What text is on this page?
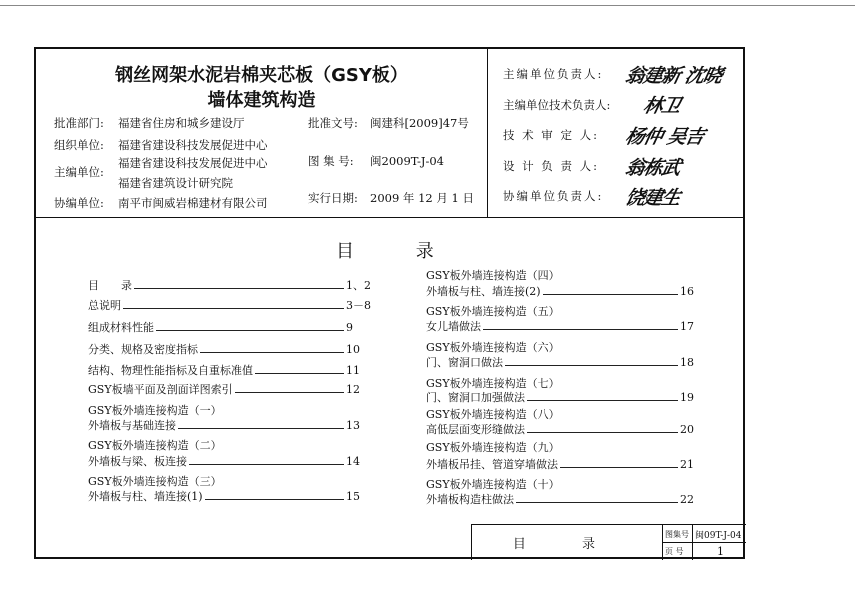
钢丝网架水泥岩棉夹芯板（GSY板）
墙体建筑构造
批准部门: 福建省住房和城乡建设厅	批准文号: 闽建科[2009]47号
组织单位: 福建省建设科技发展促进中心
主编单位:
福建省建设科技发展促进中心
福建省建筑设计研究院
图 集 号: 闽2009T-J-04
协编单位: 南平市闽威岩棉建材有限公司	实行日期: 2009 年 12 月 1 日
主编单位负责人: 翁建新 沈晓
主编单位技术负责人: 林卫
技 术 审 定 人: 杨仲 吴吉
设 计 负 责 人: 翁栋武
协编单位负责人: 饶建生
目 录
目　　录	1、2
总说明	3－8
组成材料性能	9
分类、规格及密度指标	10
结构、物理性能指标及自重标准值	11
GSY板墙平面及剖面详图索引	12
GSY板外墙连接构造（一）
外墙板与基础连接	13
GSY板外墙连接构造（二）
外墙板与梁、板连接	14
GSY板外墙连接构造（三）
外墙板与柱、墙连接(1)	15
GSY板外墙连接构造（四）
外墙板与柱、墙连接(2)	16
GSY板外墙连接构造（五）
女儿墙做法	17
GSY板外墙连接构造（六）
门、窗洞口做法	18
GSY板外墙连接构造（七）
门、窗洞口加强做法	19
GSY板外墙连接构造（八）
高低层面变形缝做法	20
GSY板外墙连接构造（九）
外墙板吊挂、管道穿墙做法	21
GSY板外墙连接构造（十）
外墙板构造柱做法	22
目 录
图集号 闽09T-J-04
页 号	1
